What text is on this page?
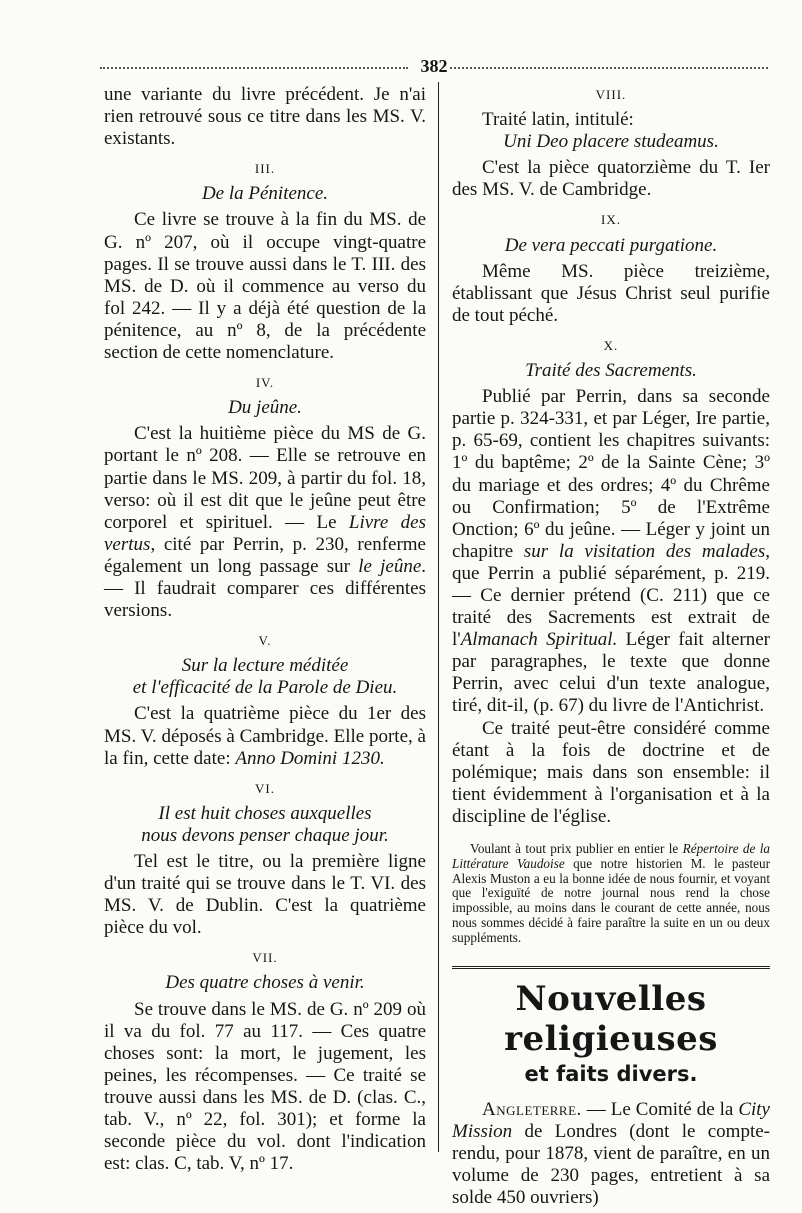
382

une variante du livre précédent. Je n'ai rien retrouvé sous ce titre dans les MS. V. existants.

III.
De la Pénitence.

Ce livre se trouve à la fin du MS. de G. nº 207, où il occupe vingt-quatre pages. Il se trouve aussi dans le T. III. des MS. de D. où il commence au verso du fol 242. — Il y a déjà été question de la pénitence, au nº 8, de la précédente section de cette nomenclature.

IV.
Du jeûne.

C'est la huitième pièce du MS de G. portant le nº 208. — Elle se retrouve en partie dans le MS. 209, à partir du fol. 18, verso: où il est dit que le jeûne peut être corporel et spirituel. — Le Livre des vertus, cité par Perrin, p. 230, renferme également un long passage sur le jeûne. — Il faudrait comparer ces différentes versions.

V.
Sur la lecture méditée
et l'efficacité de la Parole de Dieu.

C'est la quatrième pièce du 1er des MS. V. déposés à Cambridge. Elle porte, à la fin, cette date: Anno Domini 1230.

VI.
Il est huit choses auxquelles
nous devons penser chaque jour.

Tel est le titre, ou la première ligne d'un traité qui se trouve dans le T. VI. des MS. V. de Dublin. C'est la quatrième pièce du vol.

VII.
Des quatre choses à venir.

Se trouve dans le MS. de G. nº 209 où il va du fol. 77 au 117. — Ces quatre choses sont: la mort, le jugement, les peines, les récompenses. — Ce traité se trouve aussi dans les MS. de D. (clas. C., tab. V., nº 22, fol. 301); et forme la seconde pièce du vol. dont l'indication est: clas. C, tab. V, nº 17.

VIII.

Traité latin, intitulé:

Uni Deo placere studeamus.

C'est la pièce quatorzième du T. Ier des MS. V. de Cambridge.

IX.
De vera peccati purgatione.

Même MS. pièce treizième, établissant que Jésus Christ seul purifie de tout péché.

X.
Traité des Sacrements.

Publié par Perrin, dans sa seconde partie p. 324-331, et par Léger, Ire partie, p. 65-69, contient les chapitres suivants: 1º du baptême; 2º de la Sainte Cène; 3º du mariage et des ordres; 4º du Chrême ou Confirmation; 5º de l'Extrême Onction; 6º du jeûne. — Léger y joint un chapitre sur la visitation des malades, que Perrin a publié séparément, p. 219. — Ce dernier prétend (C. 211) que ce traité des Sacrements est extrait de l'Almanach Spiritual. Léger fait alterner par paragraphes, le texte que donne Perrin, avec celui d'un texte analogue, tiré, dit-il, (p. 67) du livre de l'Antichrist.

Ce traité peut-être considéré comme étant à la fois de doctrine et de polémique; mais dans son ensemble: il tient évidemment à l'organisation et à la discipline de l'église.

Voulant à tout prix publier en entier le Répertoire de la Littérature Vaudoise que notre historien M. le pasteur Alexis Muston a eu la bonne idée de nous fournir, et voyant que l'exiguïté de notre journal nous rend la chose impossible, au moins dans le courant de cette année, nous nous sommes décidé à faire paraître la suite en un ou deux suppléments.

Nouvelles religieuses
et faits divers.

Angleterre. — Le Comité de la City Mission de Londres (dont le compte-rendu, pour 1878, vient de paraître, en un volume de 230 pages, entretient à sa solde 450 ouvriers)
